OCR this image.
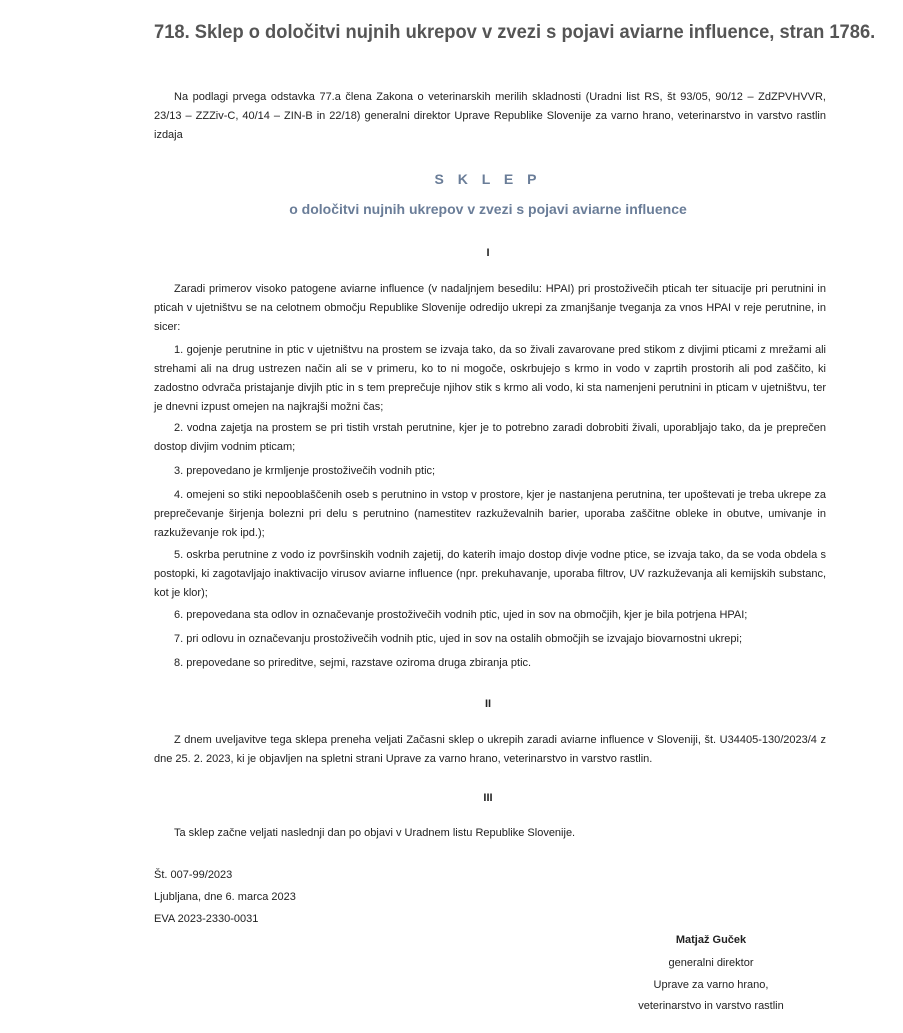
718. Sklep o določitvi nujnih ukrepov v zvezi s pojavi aviarne influence, stran 1786.

Na podlagi prvega odstavka 77.a člena Zakona o veterinarskih merilih skladnosti (Uradni list RS, št 93/05, 90/12 – ZdZPVHVVR, 23/13 – ZZZiv-C, 40/14 – ZIN-B in 22/18) generalni direktor Uprave Republike Slovenije za varno hrano, veterinarstvo in varstvo rastlin izdaja

S K L E P

o določitvi nujnih ukrepov v zvezi s pojavi aviarne influence

I

Zaradi primerov visoko patogene aviarne influence (v nadaljnjem besedilu: HPAI) pri prostoživečih pticah ter situacije pri perutnini in pticah v ujetništvu se na celotnem območju Republike Slovenije odredijo ukrepi za zmanjšanje tveganja za vnos HPAI v reje perutnine, in sicer:

1. gojenje perutnine in ptic v ujetništvu na prostem se izvaja tako, da so živali zavarovane pred stikom z divjimi pticami z mrežami ali strehami ali na drug ustrezen način ali se v primeru, ko to ni mogoče, oskrbujejo s krmo in vodo v zaprtih prostorih ali pod zaščito, ki zadostno odvrača pristajanje divjih ptic in s tem preprečuje njihov stik s krmo ali vodo, ki sta namenjeni perutnini in pticam v ujetništvu, ter je dnevni izpust omejen na najkrajši možni čas;

2. vodna zajetja na prostem se pri tistih vrstah perutnine, kjer je to potrebno zaradi dobrobiti živali, uporabljajo tako, da je preprečen dostop divjim vodnim pticam;

3. prepovedano je krmljenje prostoživečih vodnih ptic;

4. omejeni so stiki nepooblaščenih oseb s perutnino in vstop v prostore, kjer je nastanjena perutnina, ter upoštevati je treba ukrepe za preprečevanje širjenja bolezni pri delu s perutnino (namestitev razkuževalnih barier, uporaba zaščitne obleke in obutve, umivanje in razkuževanje rok ipd.);

5. oskrba perutnine z vodo iz površinskih vodnih zajetij, do katerih imajo dostop divje vodne ptice, se izvaja tako, da se voda obdela s postopki, ki zagotavljajo inaktivacijo virusov aviarne influence (npr. prekuhavanje, uporaba filtrov, UV razkuževanja ali kemijskih substanc, kot je klor);

6. prepovedana sta odlov in označevanje prostoživečih vodnih ptic, ujed in sov na območjih, kjer je bila potrjena HPAI;

7. pri odlovu in označevanju prostoživečih vodnih ptic, ujed in sov na ostalih območjih se izvajajo biovarnostni ukrepi;

8. prepovedane so prireditve, sejmi, razstave oziroma druga zbiranja ptic.

II

Z dnem uveljavitve tega sklepa preneha veljati Začasni sklep o ukrepih zaradi aviarne influence v Sloveniji, št. U34405-130/2023/4 z dne 25. 2. 2023, ki je objavljen na spletni strani Uprave za varno hrano, veterinarstvo in varstvo rastlin.

III

Ta sklep začne veljati naslednji dan po objavi v Uradnem listu Republike Slovenije.

Št. 007-99/2023

Ljubljana, dne 6. marca 2023

EVA 2023-2330-0031

Matjaž Guček

generalni direktor

Uprave za varno hrano,

veterinarstvo in varstvo rastlin
